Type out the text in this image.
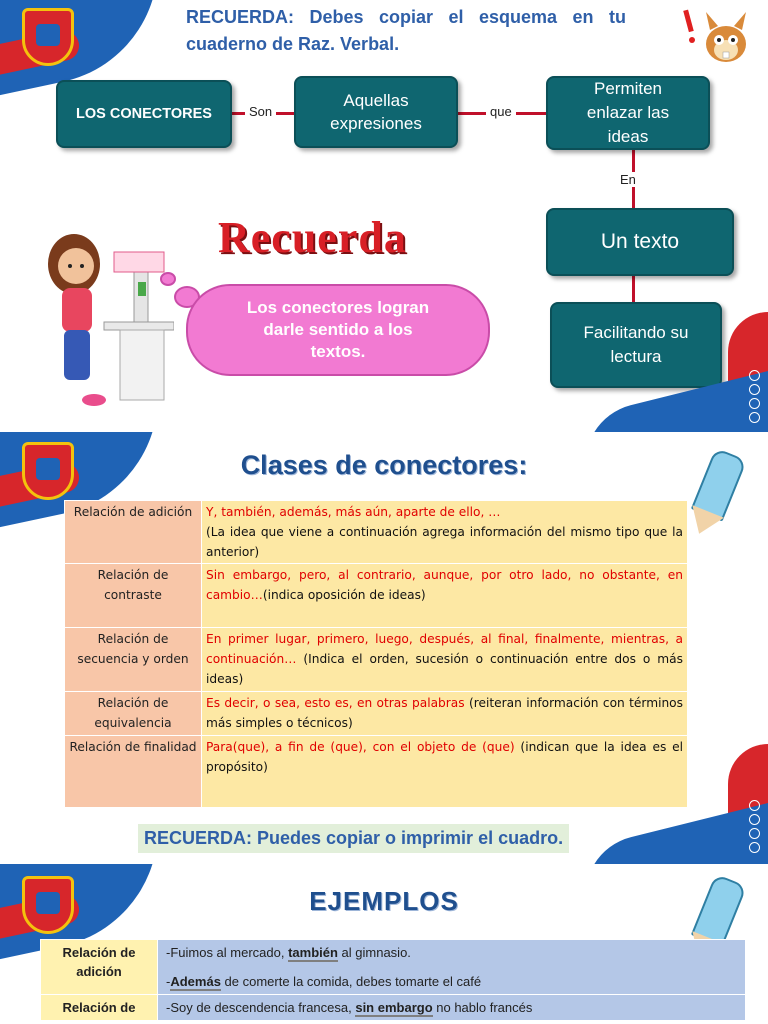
RECUERDA: Debes copiar el esquema en tu cuaderno de Raz. Verbal.
Son	que
En
LOS CONECTORES
Aquellas expresiones
Permiten enlazar las ideas
Un texto
Facilitando su lectura
Recuerda
Los conectores logran darle sentido a los textos.
Clases de conectores:
Relación de adición	Y, también, además, más aún, aparte de ello, …
(La idea que viene a continuación agrega información del mismo tipo que la anterior)
Relación de contraste	Sin embargo, pero, al contrario, aunque, por otro lado, no obstante, en cambio…(indica oposición de ideas)
Relación de secuencia y orden	En primer lugar, primero, luego, después, al final, finalmente, mientras, a continuación… (Indica el orden, sucesión o continuación entre dos o más ideas)
Relación de equivalencia	Es decir, o sea, esto es, en otras palabras (reiteran información con términos más simples o técnicos)
Relación de finalidad	Para(que), a fin de (que), con el objeto de (que) (indican que la idea es el propósito)
RECUERDA: Puedes copiar o imprimir el cuadro.
EJEMPLOS
Relación de adición	-Fuimos al mercado, también al gimnasio.
-Además de comerte la comida, debes tomarte el café

Relación de	-Soy de descendencia francesa, sin embargo no hablo francés
